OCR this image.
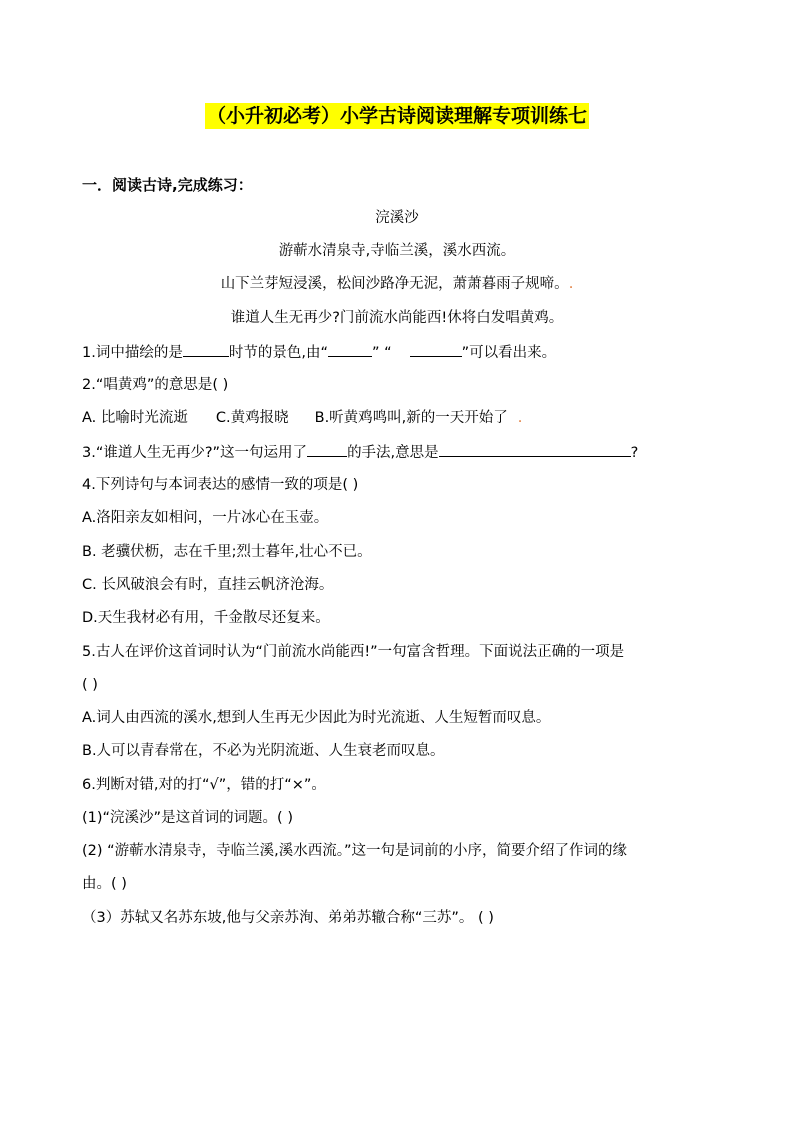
（小升初必考）小学古诗阅读理解专项训练七
一．阅读古诗,完成练习：
浣溪沙
游蕲水清泉寺,寺临兰溪，溪水西流。
山下兰芽短浸溪，松间沙路净无泥，萧萧暮雨子规啼。.
谁道人生无再少?门前流水尚能西!休将白发唱黄鸡。
1.词中描绘的是	时节的景色,由“	” “	”可以看出来。
2.“唱黄鸡”的意思是( )
A. 比喻时光流逝 C.黄鸡报晓 B.听黄鸡鸣叫,新的一天开始了 .
3.“谁道人生无再少?”这一句运用了	的手法,意思是	?
4.下列诗句与本词表达的感情一致的项是( )
A.洛阳亲友如相问，一片冰心在玉壶。
B. 老骥伏枥，志在千里;烈士暮年,壮心不已。
C. 长风破浪会有时，直挂云帆济沧海。
D.天生我材必有用，千金散尽还复来。
5.古人在评价这首词时认为“门前流水尚能西!”一句富含哲理。下面说法正确的一项是
( )
A.词人由西流的溪水,想到人生再无少因此为时光流逝、人生短暂而叹息。
B.人可以青春常在，不必为光阴流逝、人生衰老而叹息。
6.判断对错,对的打“√”，错的打“×”。
(1)“浣溪沙”是这首词的词题。( )
(2) “游蕲水清泉寺，寺临兰溪,溪水西流。”这一句是词前的小序，简要介绍了作词的缘
由。( )
（3）苏轼又名苏东坡,他与父亲苏洵、弟弟苏辙合称“三苏”。 ( )
